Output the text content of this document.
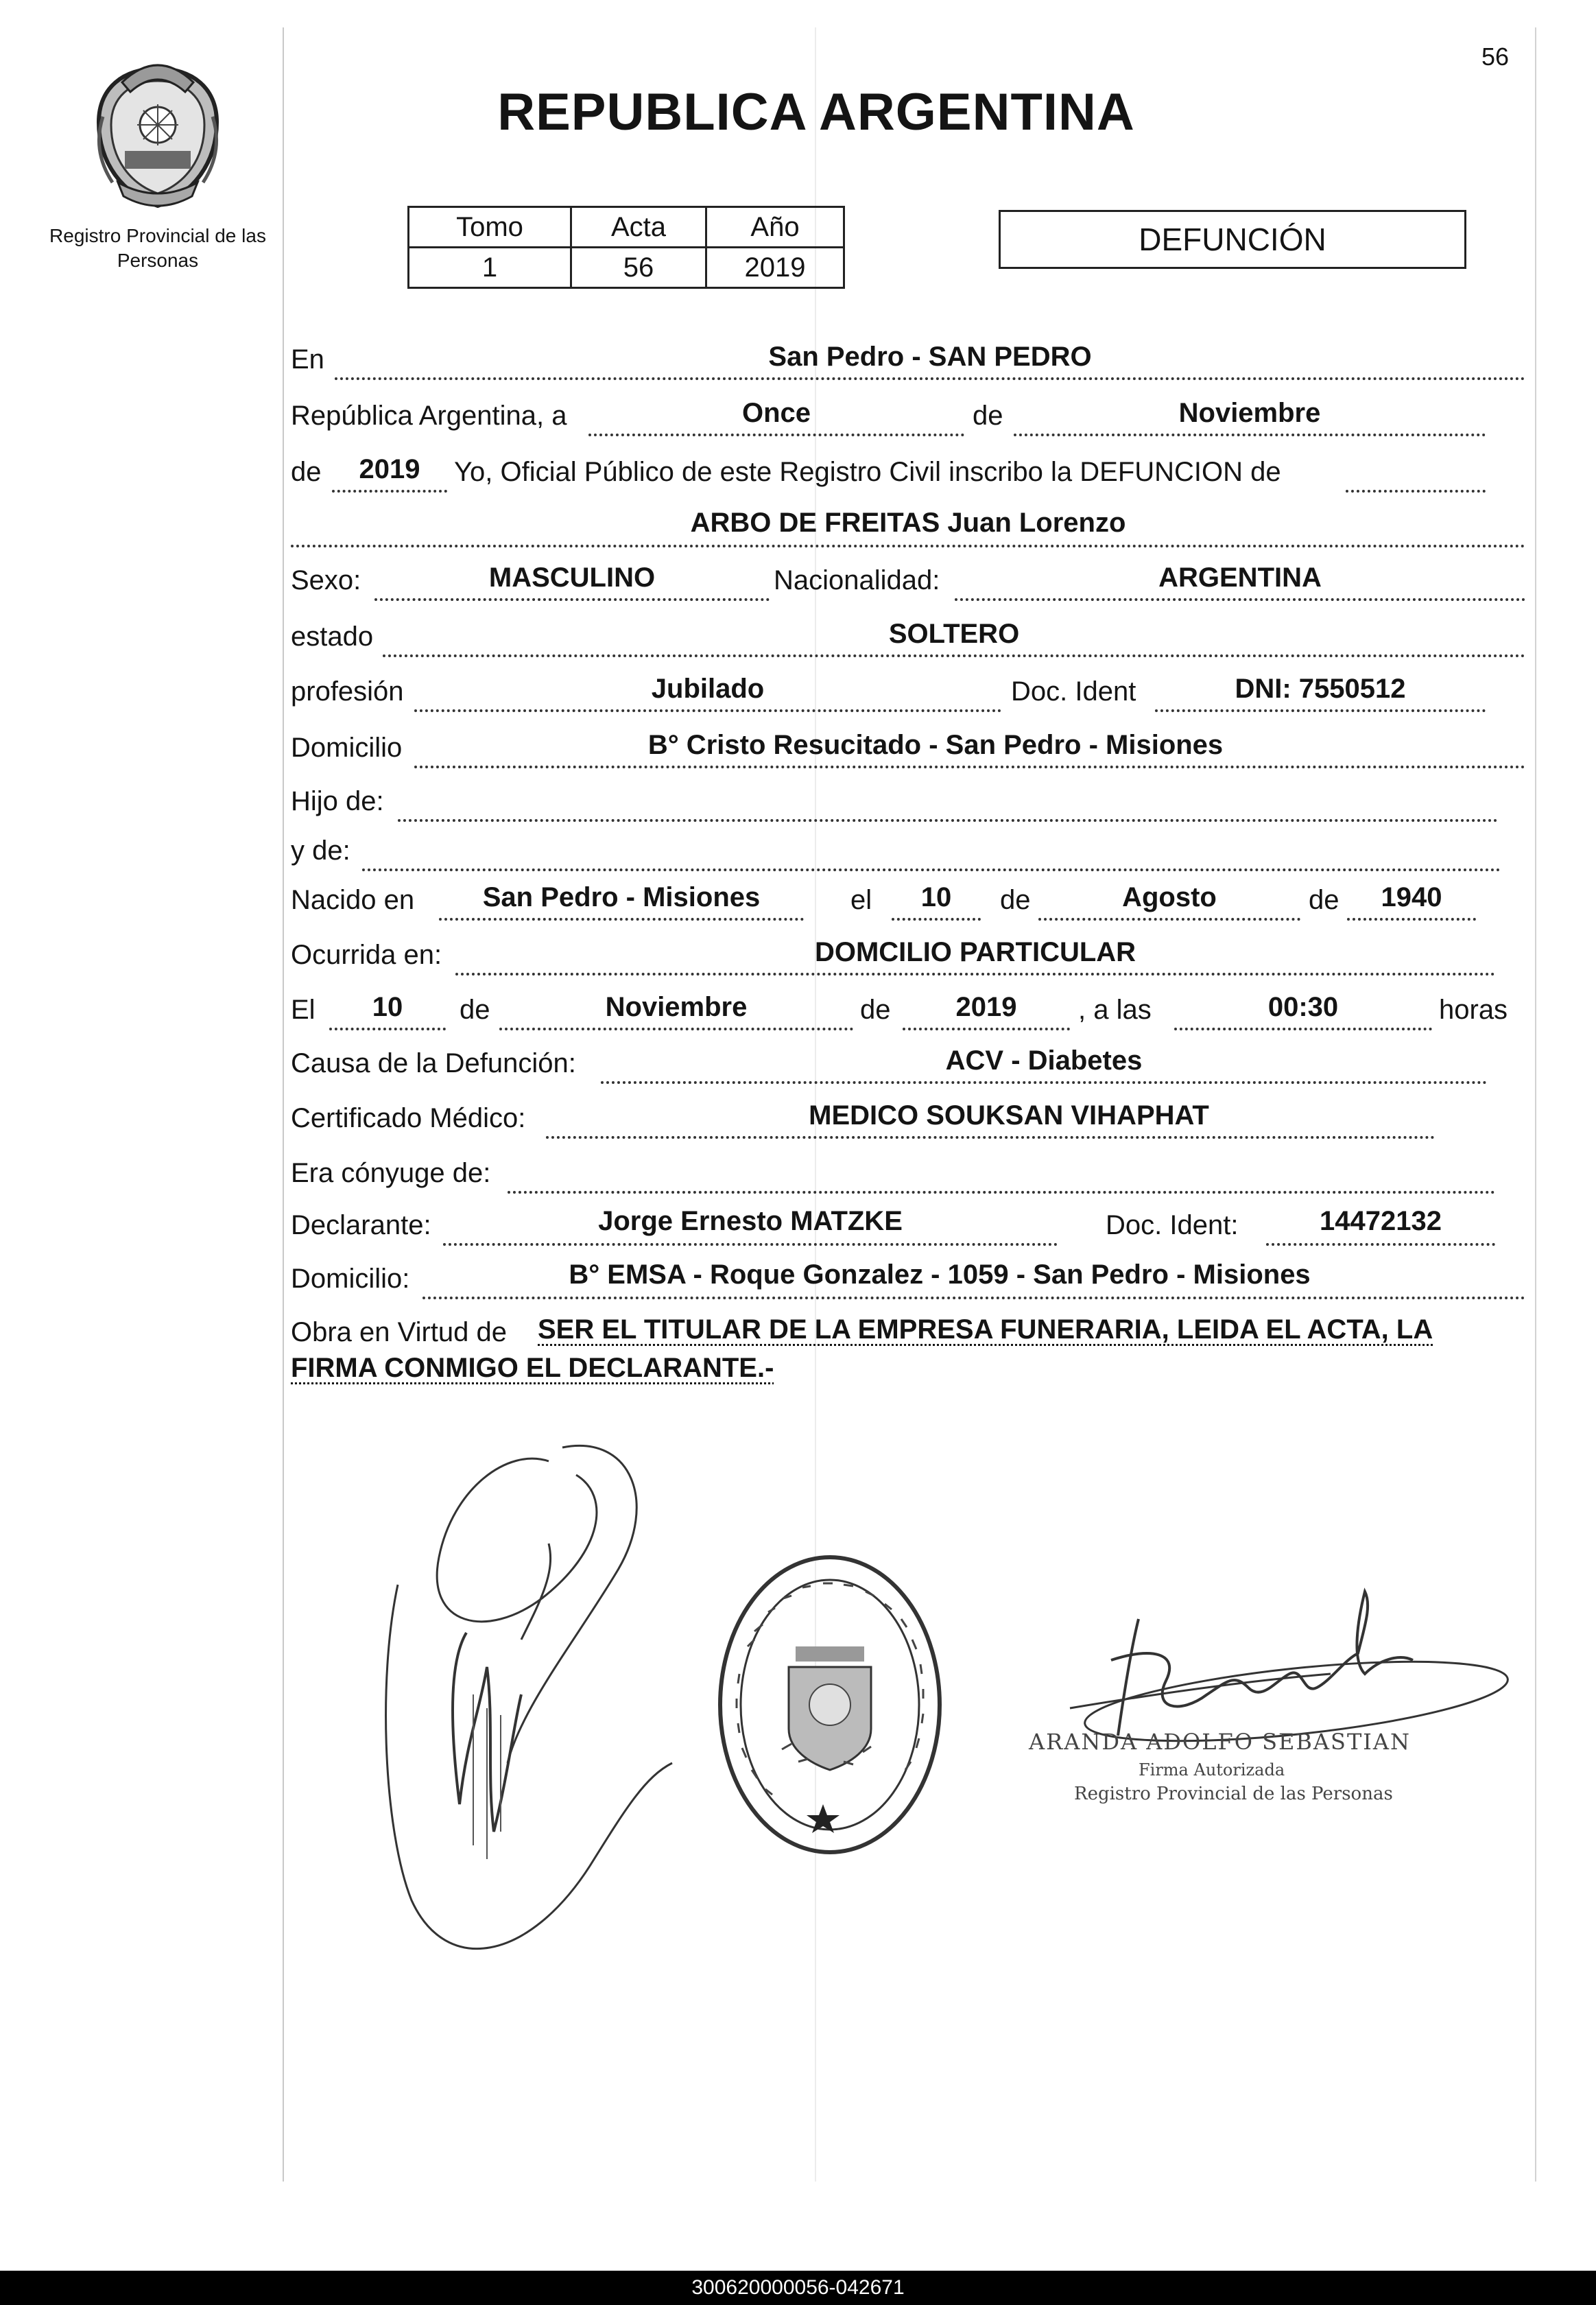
56
Registro Provincial de las Personas
REPUBLICA ARGENTINA
Tomo	Acta	Año
1	56	2019
DEFUNCIÓN
En	San Pedro - SAN PEDRO
República Argentina, a	Once	de	Noviembre
de	2019	Yo, Oficial Público de este Registro Civil inscribo la DEFUNCION de
ARBO DE FREITAS Juan Lorenzo
Sexo:	MASCULINO	Nacionalidad:	ARGENTINA
estado	SOLTERO
profesión	Jubilado	Doc. Ident	DNI: 7550512
Domicilio	B° Cristo Resucitado - San Pedro - Misiones
Hijo de:
y de:
Nacido en	San Pedro - Misiones	el	10	de	Agosto	de	1940
Ocurrida en:	DOMCILIO PARTICULAR
El	10	de	Noviembre	de	2019	, a las	00:30	horas
Causa de la Defunción:	ACV - Diabetes
Certificado Médico:	MEDICO SOUKSAN VIHAPHAT
Era cónyuge de:
Declarante:	Jorge Ernesto MATZKE	Doc. Ident:	14472132
Domicilio:	B° EMSA - Roque Gonzalez - 1059 - San Pedro - Misiones
Obra en Virtud de SER EL TITULAR DE LA EMPRESA FUNERARIA, LEIDA EL ACTA, LA
FIRMA CONMIGO EL DECLARANTE.-
ARANDA ADOLFO SEBASTIAN
Firma Autorizada
Registro Provincial de las Personas
300620000056-042671
